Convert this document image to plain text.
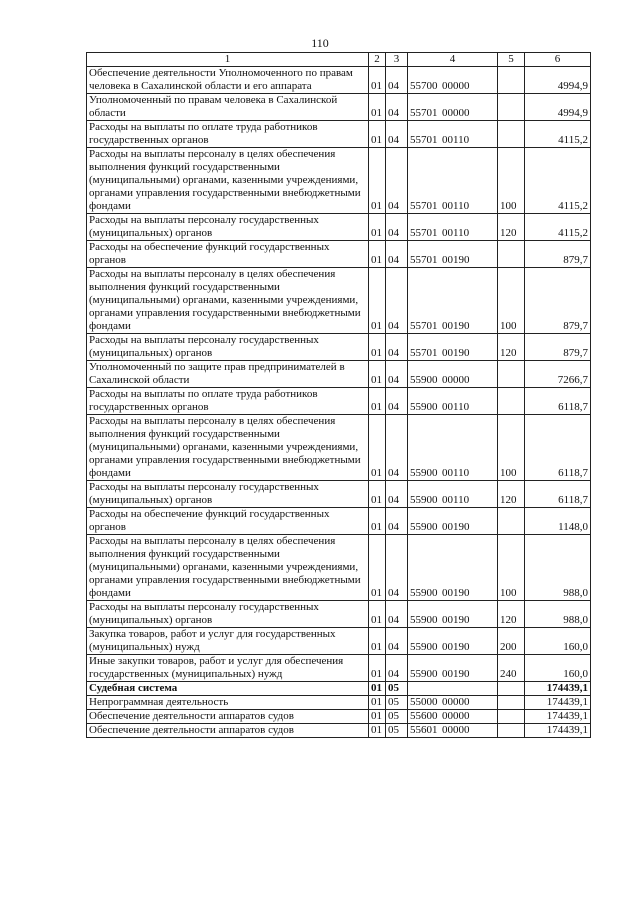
110
1	2	3	4	5	6
Обеспечение деятельности Уполномоченного по правам человека в Сахалинской области и его аппарата	01	04	55700 00000		4994,9
Уполномоченный по правам человека в Сахалинской области	01	04	55701 00000		4994,9
Расходы на выплаты по оплате труда работников государственных органов	01	04	55701 00110		4115,2
Расходы на выплаты персоналу в целях обеспечения выполнения функций государственными (муниципальными) органами, казенными учреждениями, органами управления государственными внебюджетными фондами	01	04	55701 00110	100	4115,2
Расходы на выплаты персоналу государственных (муниципальных) органов	01	04	55701 00110	120	4115,2
Расходы на обеспечение функций государственных органов	01	04	55701 00190		879,7
Расходы на выплаты персоналу в целях обеспечения выполнения функций государственными (муниципальными) органами, казенными учреждениями, органами управления государственными внебюджетными фондами	01	04	55701 00190	100	879,7
Расходы на выплаты персоналу государственных (муниципальных) органов	01	04	55701 00190	120	879,7
Уполномоченный по защите прав предпринимателей в Сахалинской области	01	04	55900 00000		7266,7
Расходы на выплаты по оплате труда работников государственных органов	01	04	55900 00110		6118,7
Расходы на выплаты персоналу в целях обеспечения выполнения функций государственными (муниципальными) органами, казенными учреждениями, органами управления государственными внебюджетными фондами	01	04	55900 00110	100	6118,7
Расходы на выплаты персоналу государственных (муниципальных) органов	01	04	55900 00110	120	6118,7
Расходы на обеспечение функций государственных органов	01	04	55900 00190		1148,0
Расходы на выплаты персоналу в целях обеспечения выполнения функций государственными (муниципальными) органами, казенными учреждениями, органами управления государственными внебюджетными фондами	01	04	55900 00190	100	988,0
Расходы на выплаты персоналу государственных (муниципальных) органов	01	04	55900 00190	120	988,0
Закупка товаров, работ и услуг для государственных (муниципальных) нужд	01	04	55900 00190	200	160,0
Иные закупки товаров, работ и услуг для обеспечения государственных (муниципальных) нужд	01	04	55900 00190	240	160,0
Судебная система	01	05			174439,1
Непрограммная деятельность	01	05	55000 00000		174439,1
Обеспечение деятельности аппаратов судов	01	05	55600 00000		174439,1
Обеспечение деятельности аппаратов судов	01	05	55601 00000		174439,1
